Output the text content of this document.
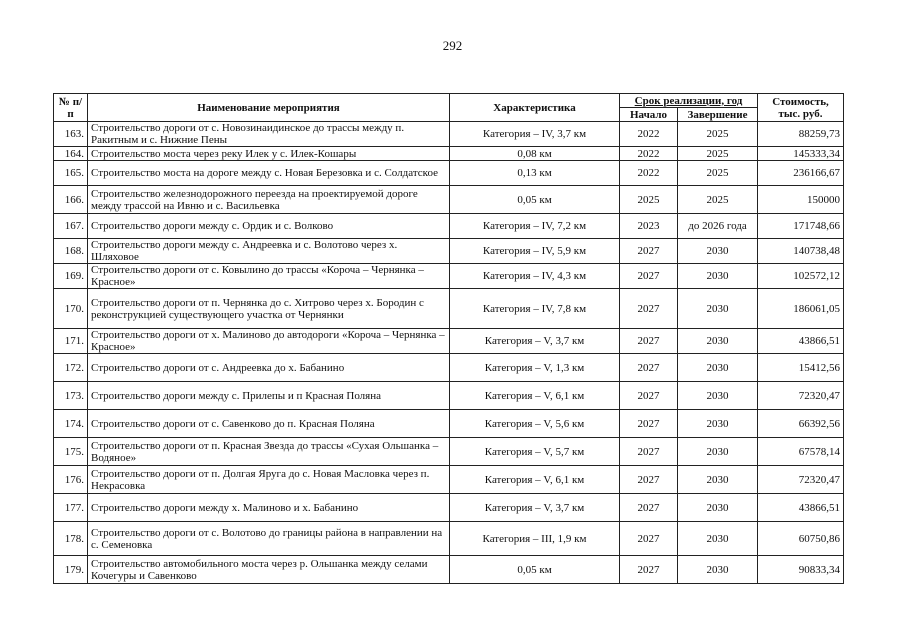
292
№ п/п	Наименование мероприятия	Характеристика	Срок реализации, год		Стоимость, тыс. руб.
			Начало	Завершение	
163.	Строительство дороги от с. Новозинаидинское до трассы между п. Ракитным и с. Нижние Пены	Категория – IV, 3,7 км	2022	2025	88259,73
164.	Строительство моста через реку Илек у с. Илек-Кошары	0,08 км	2022	2025	145333,34
165.	Строительство моста на дороге между с. Новая Березовка и с. Солдатское	0,13 км	2022	2025	236166,67
166.	Строительство железнодорожного переезда на проектируемой дороге между трассой на Ивню и с. Васильевка	0,05 км	2025	2025	150000
167.	Строительство дороги между с. Ордик и с. Волково	Категория – IV, 7,2 км	2023	до 2026 года	171748,66
168.	Строительство дороги между с. Андреевка и с. Волотово через х. Шляховое	Категория – IV, 5,9 км	2027	2030	140738,48
169.	Строительство дороги от с. Ковылино до трассы «Короча – Чернянка – Красное»	Категория – IV, 4,3 км	2027	2030	102572,12
170.	Строительство дороги от п. Чернянка до с. Хитрово через х. Бородин с реконструкцией существующего участка от Чернянки	Категория – IV, 7,8 км	2027	2030	186061,05
171.	Строительство дороги от х. Малиново до автодороги «Короча – Чернянка – Красное»	Категория – V, 3,7 км	2027	2030	43866,51
172.	Строительство дороги от с. Андреевка до х. Бабанино	Категория – V, 1,3 км	2027	2030	15412,56
173.	Строительство дороги между с. Прилепы и п Красная Поляна	Категория – V, 6,1 км	2027	2030	72320,47
174.	Строительство дороги от с. Савенково до п. Красная Поляна	Категория – V, 5,6 км	2027	2030	66392,56
175.	Строительство дороги от п. Красная Звезда до трассы «Сухая Ольшанка – Водяное»	Категория – V, 5,7 км	2027	2030	67578,14
176.	Строительство дороги от п. Долгая Яруга до с. Новая Масловка через п. Некрасовка	Категория – V, 6,1 км	2027	2030	72320,47
177.	Строительство дороги между х. Малиново и х. Бабанино	Категория – V, 3,7 км	2027	2030	43866,51
178.	Строительство дороги от с. Волотово до границы района в направлении на с. Семеновка	Категория – III, 1,9 км	2027	2030	60750,86
179.	Строительство автомобильного моста через р. Ольшанка между селами Кочегуры и Савенково	0,05 км	2027	2030	90833,34
